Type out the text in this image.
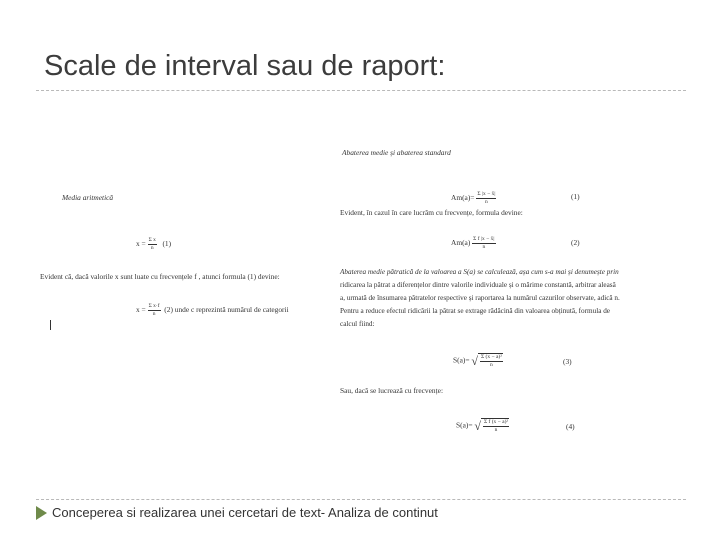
Scale de interval sau de raport:
Media aritmetică
$x = \frac{\text{Σ x}}{n} (1)$
Evident că, dacă valorile x sunt luate cu frecvențele f , atunci formula (1) devine:
$x = \frac{\text{Σ x·f}}{n} (2)$ unde c reprezintă numărul de categorii
Abaterea medie și abaterea standard
$Am(a)= \frac{\Sigma |x - x̄|}{n}$	(1)
Evident, în cazul în care lucrăm cu frecvențe, formula devine:
$Am(a) \frac{\text{Σ f |x − x̄|}}{n}$	(2)
Abaterea medie pătratică de la valoarea a S(a) se calculează, așa cum s-a mai și denumește prin
ridicarea la pătrat a diferențelor dintre valorile individuale și o mărime constantă, arbitrar aleasă
a, urmată de însumarea pătratelor respective și raportarea la numărul cazurilor observate, adică n.
Pentru a reduce efectul ridicării la pătrat se extrage rădăcină din valoarea obținută, formula de
calcul fiind:
S(a)= √ $\frac{\text{Σ (x − a)²}}{n}$	(3)
Sau, dacă se lucrează cu frecvențe:
S(a)= √ $\frac{\text{Σ f (x − a)²}}{n}$	(4)
Conceperea si realizarea unei cercetari de text- Analiza de continut
